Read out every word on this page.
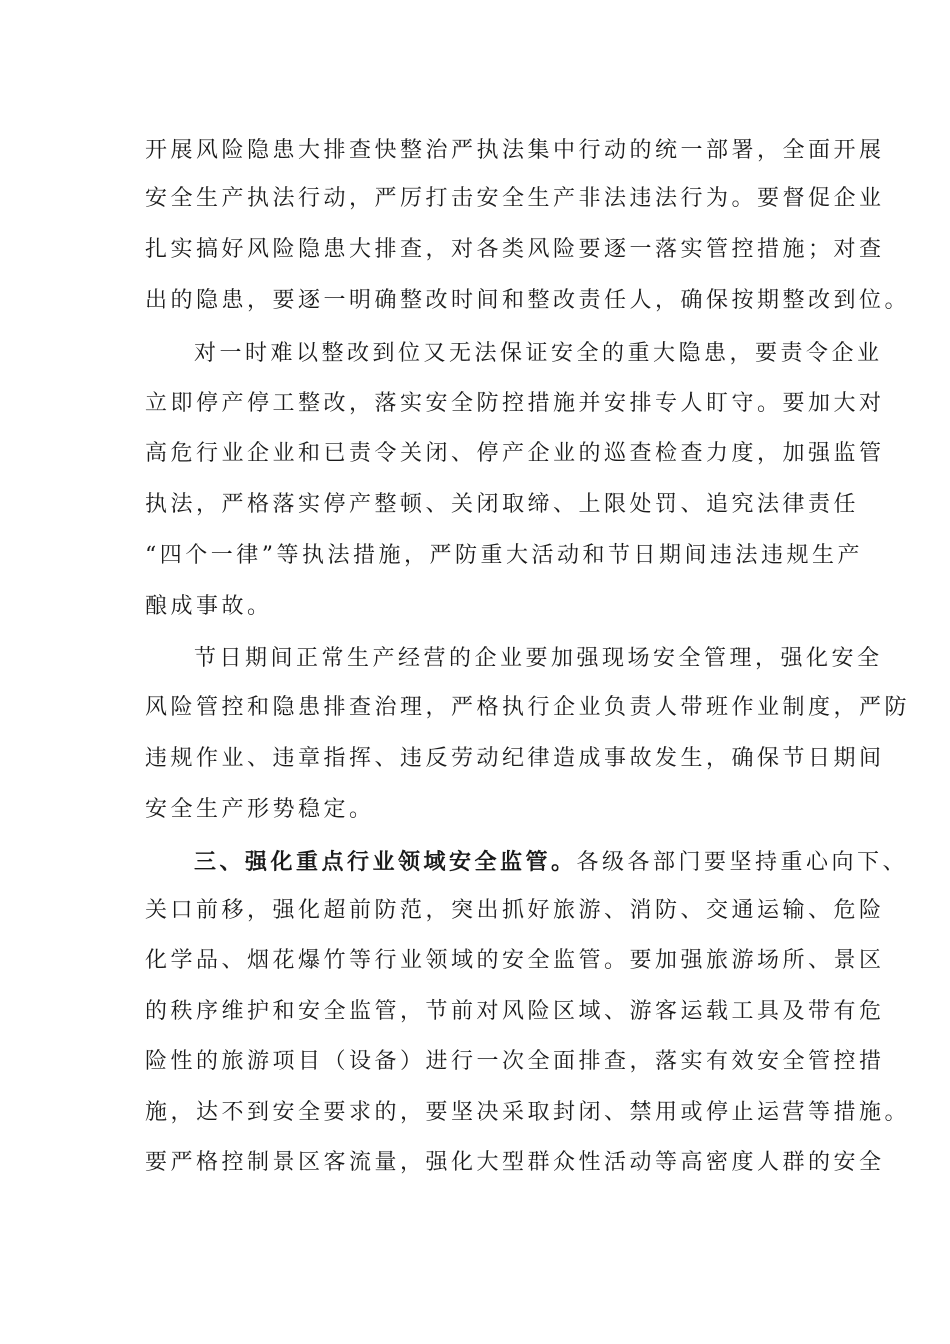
开展风险隐患大排查快整治严执法集中行动的统一部署，全面开展
安全生产执法行动，严厉打击安全生产非法违法行为。要督促企业
扎实搞好风险隐患大排查，对各类风险要逐一落实管控措施；对查
出的隐患，要逐一明确整改时间和整改责任人，确保按期整改到位。
对一时难以整改到位又无法保证安全的重大隐患，要责令企业
立即停产停工整改，落实安全防控措施并安排专人盯守。要加大对
高危行业企业和已责令关闭、停产企业的巡查检查力度，加强监管
执法，严格落实停产整顿、关闭取缔、上限处罚、追究法律责任
“四个一律”等执法措施，严防重大活动和节日期间违法违规生产
酿成事故。
节日期间正常生产经营的企业要加强现场安全管理，强化安全
风险管控和隐患排查治理，严格执行企业负责人带班作业制度，严防
违规作业、违章指挥、违反劳动纪律造成事故发生，确保节日期间
安全生产形势稳定。
三、强化重点行业领域安全监管。各级各部门要坚持重心向下、
关口前移，强化超前防范，突出抓好旅游、消防、交通运输、危险
化学品、烟花爆竹等行业领域的安全监管。要加强旅游场所、景区
的秩序维护和安全监管，节前对风险区域、游客运载工具及带有危
险性的旅游项目（设备）进行一次全面排查，落实有效安全管控措
施，达不到安全要求的，要坚决采取封闭、禁用或停止运营等措施。
要严格控制景区客流量，强化大型群众性活动等高密度人群的安全
